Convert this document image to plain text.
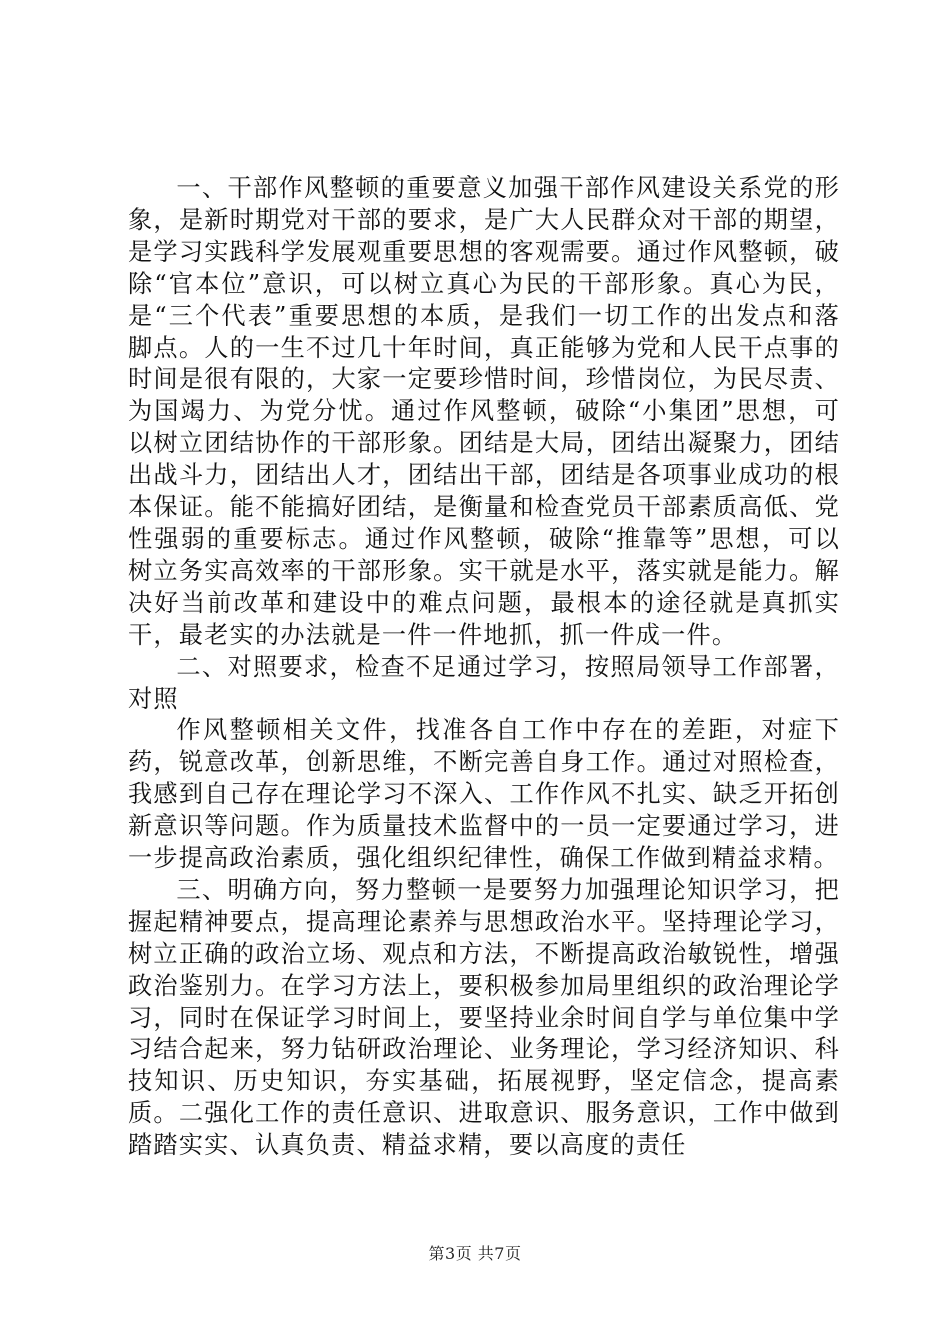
一、干部作风整顿的重要意义加强干部作风建设关系党的形象，是新时期党对干部的要求，是广大人民群众对干部的期望，是学习实践科学发展观重要思想的客观需要。通过作风整顿，破除“官本位”意识，可以树立真心为民的干部形象。真心为民，是“三个代表”重要思想的本质，是我们一切工作的出发点和落脚点。人的一生不过几十年时间，真正能够为党和人民干点事的时间是很有限的，大家一定要珍惜时间，珍惜岗位，为民尽责、为国竭力、为党分忧。通过作风整顿，破除“小集团”思想，可以树立团结协作的干部形象。团结是大局，团结出凝聚力，团结出战斗力，团结出人才，团结出干部，团结是各项事业成功的根本保证。能不能搞好团结，是衡量和检查党员干部素质高低、党性强弱的重要标志。通过作风整顿，破除“推靠等”思想，可以树立务实高效率的干部形象。实干就是水平，落实就是能力。解决好当前改革和建设中的难点问题，最根本的途径就是真抓实干，最老实的办法就是一件一件地抓，抓一件成一件。

二、对照要求，检查不足通过学习，按照局领导工作部署，对照

作风整顿相关文件，找准各自工作中存在的差距，对症下药，锐意改革，创新思维，不断完善自身工作。通过对照检查，我感到自己存在理论学习不深入、工作作风不扎实、缺乏开拓创新意识等问题。作为质量技术监督中的一员一定要通过学习，进一步提高政治素质，强化组织纪律性，确保工作做到精益求精。

三、明确方向，努力整顿一是要努力加强理论知识学习，把握起精神要点，提高理论素养与思想政治水平。坚持理论学习，树立正确的政治立场、观点和方法，不断提高政治敏锐性，增强政治鉴别力。在学习方法上，要积极参加局里组织的政治理论学习，同时在保证学习时间上，要坚持业余时间自学与单位集中学习结合起来，努力钻研政治理论、业务理论，学习经济知识、科技知识、历史知识，夯实基础，拓展视野，坚定信念，提高素质。二强化工作的责任意识、进取意识、服务意识，工作中做到踏踏实实、认真负责、精益求精，要以高度的责任

第3页 共7页
